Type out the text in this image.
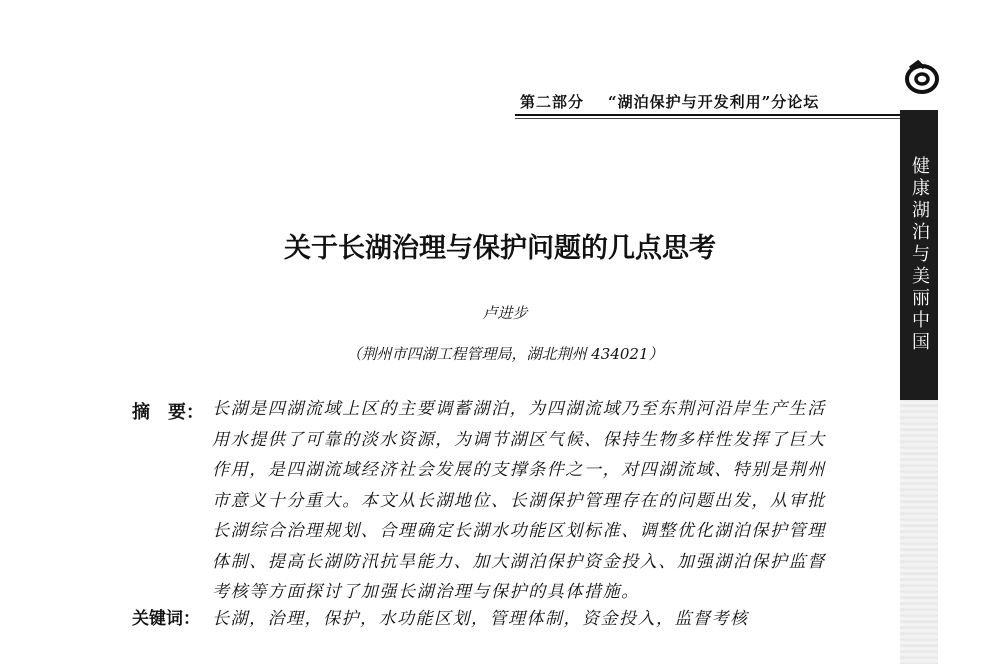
第二部分 “湖泊保护与开发利用”分论坛
健康湖泊与美丽中国
关于长湖治理与保护问题的几点思考
卢进步
（荆州市四湖工程管理局，湖北荆州 434021）
摘　要： 长湖是四湖流域上区的主要调蓄湖泊，为四湖流域乃至东荆河沿岸生产生活
用水提供了可靠的淡水资源，为调节湖区气候、保持生物多样性发挥了巨大
作用，是四湖流域经济社会发展的支撑条件之一，对四湖流域、特别是荆州
市意义十分重大。本文从长湖地位、长湖保护管理存在的问题出发，从审批
长湖综合治理规划、合理确定长湖水功能区划标准、调整优化湖泊保护管理
体制、提高长湖防汛抗旱能力、加大湖泊保护资金投入、加强湖泊保护监督
考核等方面探讨了加强长湖治理与保护的具体措施。
关键词： 长湖，治理，保护，水功能区划，管理体制，资金投入，监督考核
